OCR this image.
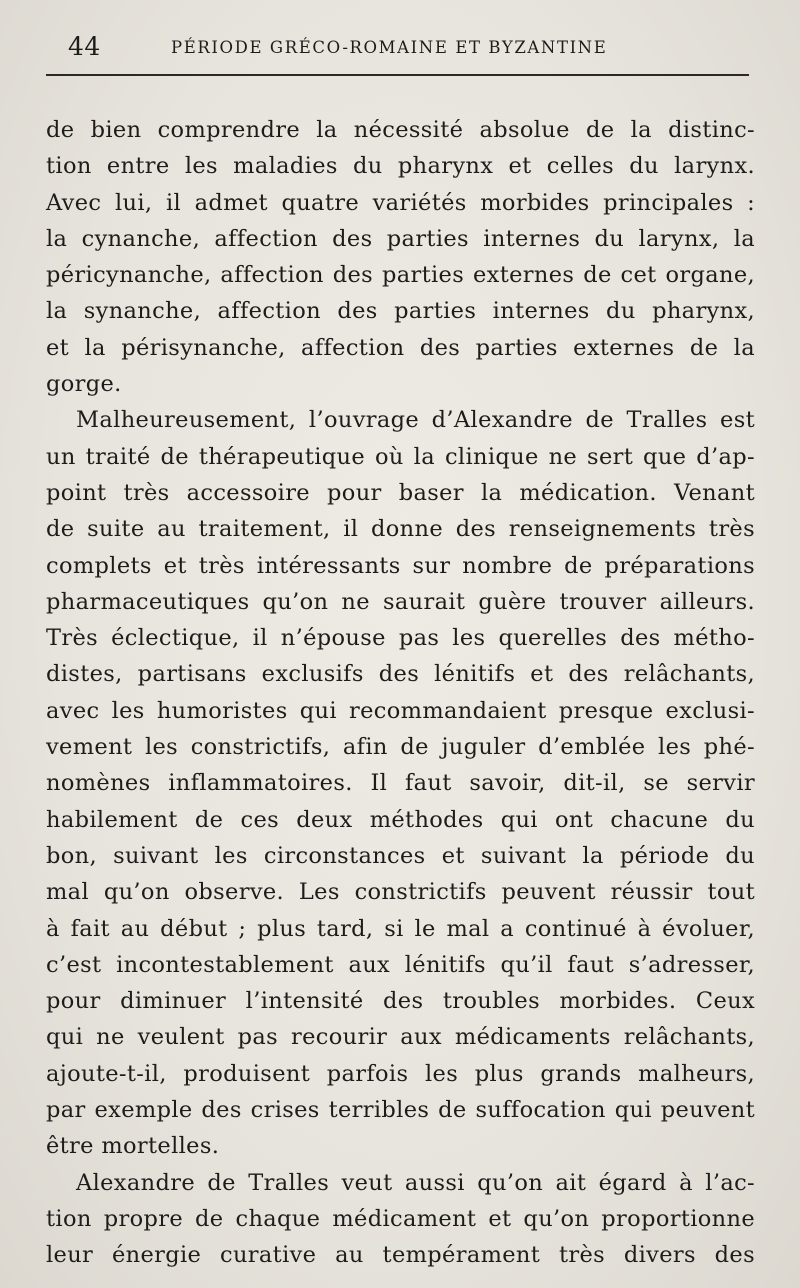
44	PÉRIODE GRÉCO-ROMAINE ET BYZANTINE
de bien comprendre la nécessité absolue de la distinc-
tion entre les maladies du pharynx et celles du larynx.
Avec lui, il admet quatre variétés morbides principales :
la cynanche, affection des parties internes du larynx, la
péricynanche, affection des parties externes de cet organe,
la synanche, affection des parties internes du pharynx,
et la périsynanche, affection des parties externes de la
gorge.
Malheureusement, l’ouvrage d’Alexandre de Tralles est
un traité de thérapeutique où la clinique ne sert que d’ap-
point très accessoire pour baser la médication. Venant
de suite au traitement, il donne des renseignements très
complets et très intéressants sur nombre de préparations
pharmaceutiques qu’on ne saurait guère trouver ailleurs.
Très éclectique, il n’épouse pas les querelles des métho-
distes, partisans exclusifs des lénitifs et des relâchants,
avec les humoristes qui recommandaient presque exclusi-
vement les constrictifs, afin de juguler d’emblée les phé-
nomènes inflammatoires. Il faut savoir, dit-il, se servir
habilement de ces deux méthodes qui ont chacune du
bon, suivant les circonstances et suivant la période du
mal qu’on observe. Les constrictifs peuvent réussir tout
à fait au début ; plus tard, si le mal a continué à évoluer,
c’est incontestablement aux lénitifs qu’il faut s’adresser,
pour diminuer l’intensité des troubles morbides. Ceux
qui ne veulent pas recourir aux médicaments relâchants,
ajoute-t-il, produisent parfois les plus grands malheurs,
par exemple des crises terribles de suffocation qui peuvent
être mortelles.
Alexandre de Tralles veut aussi qu’on ait égard à l’ac-
tion propre de chaque médicament et qu’on proportionne
leur énergie curative au tempérament très divers des
